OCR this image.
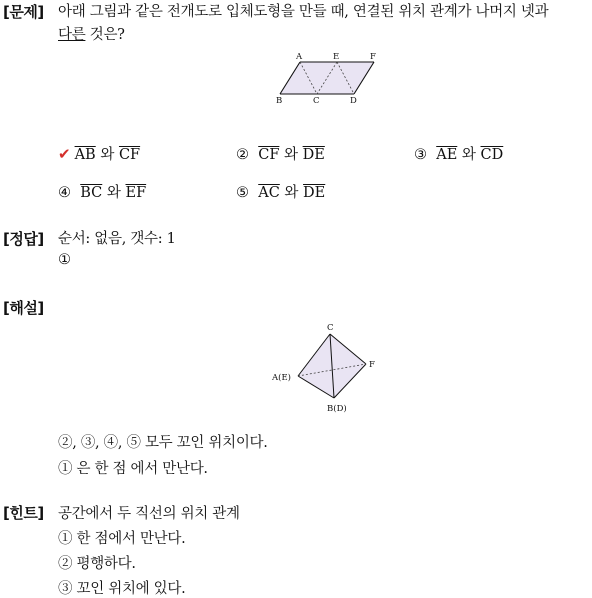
[문제] 아래 그림과 같은 전개도로 입체도형을 만들 때, 연결된 위치 관계가 나머지 넷과
다른 것은?
A	E	F
B	C	D
✔ $\overline{AB}$ 와 $\overline{CF}$	② $\overline{CF}$ 와 $\overline{DE}$	③ $\overline{AE}$ 와 $\overline{CD}$
④ $\overline{BC}$ 와 $\overline{EF}$	⑤ $\overline{AC}$ 와 $\overline{DE}$
[정답] 순서: 없음, 갯수: 1
①
[해설]
C
A(E)
F
B(D)
②, ③, ④, ⑤ 모두 꼬인 위치이다.
① 은 한 점 에서 만난다.
[힌트] 공간에서 두 직선의 위치 관계
① 한 점에서 만난다.
② 평행하다.
③ 꼬인 위치에 있다.
